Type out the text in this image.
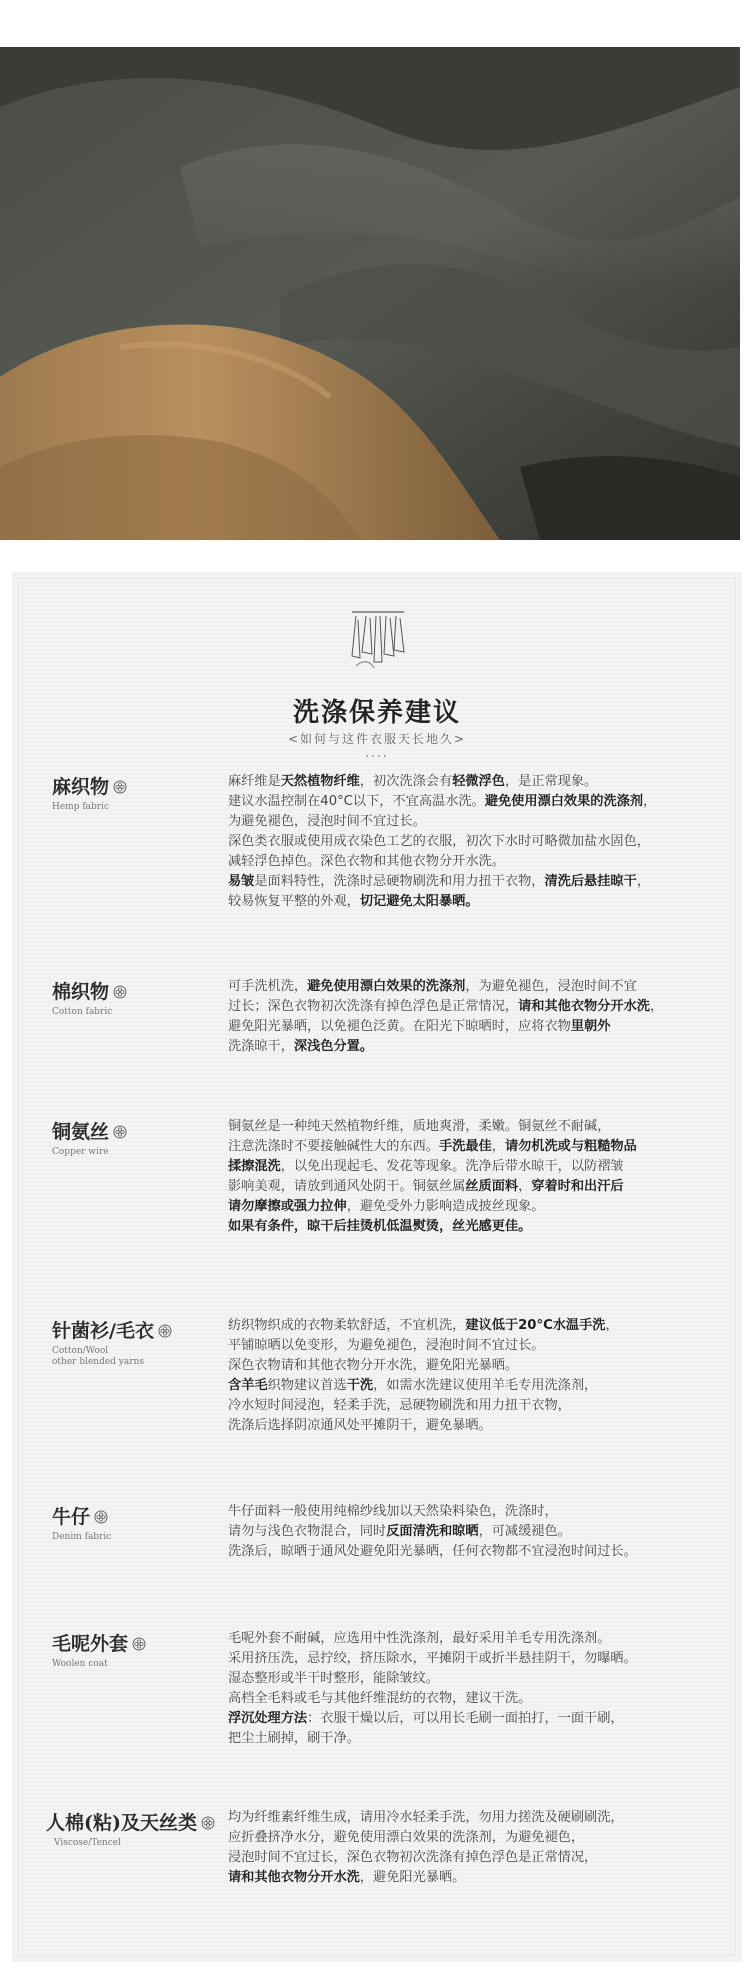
洗涤保养建议
<如何与这件衣服天长地久>
....
麻织物
Hemp fabric

麻纤维是天然植物纤维，初次洗涤会有轻微浮色，是正常现象。

建议水温控制在40°C以下，不宜高温水洗。避免使用漂白效果的洗涤剂，

为避免褪色，浸泡时间不宜过长。

深色类衣服或使用成衣染色工艺的衣服，初次下水时可略微加盐水固色，

减轻浮色掉色。深色衣物和其他衣物分开水洗。

易皱是面料特性，洗涤时忌硬物刷洗和用力扭干衣物，清洗后悬挂晾干，

较易恢复平整的外观，切记避免太阳暴晒。

棉织物
Cotton fabric

可手洗机洗，避免使用漂白效果的洗涤剂，为避免褪色，浸泡时间不宜

过长；深色衣物初次洗涤有掉色浮色是正常情况，请和其他衣物分开水洗，

避免阳光暴晒，以免褪色泛黄。在阳光下晾晒时，应将衣物里朝外

洗涤晾干，深浅色分置。

铜氨丝
Copper wire

铜氨丝是一种纯天然植物纤维，质地爽滑，柔嫩。铜氨丝不耐碱，

注意洗涤时不要接触碱性大的东西。手洗最佳，请勿机洗或与粗糙物品

揉擦混洗，以免出现起毛、发花等现象。洗净后带水晾干，以防褶皱

影响美观，请放到通风处阴干。铜氨丝属丝质面料，穿着时和出汗后

请勿摩擦或强力拉伸，避免受外力影响造成披丝现象。

如果有条件，晾干后挂烫机低温熨烫，丝光感更佳。

针菌衫/毛衣
Cotton/Wool
other blended yarns

纺织物织成的衣物柔软舒适，不宜机洗，建议低于20°C水温手洗，

平铺晾晒以免变形，为避免褪色，浸泡时间不宜过长。

深色衣物请和其他衣物分开水洗，避免阳光暴晒。

含羊毛织物建议首选干洗，如需水洗建议使用羊毛专用洗涤剂，

冷水短时间浸泡，轻柔手洗，忌硬物刷洗和用力扭干衣物，

洗涤后选择阴凉通风处平摊阴干，避免暴晒。

牛仔
Denim fabric

牛仔面料一般使用纯棉纱线加以天然染料染色，洗涤时，

请勿与浅色衣物混合，同时反面清洗和晾晒，可减缓褪色。

洗涤后，晾晒于通风处避免阳光暴晒，任何衣物都不宜浸泡时间过长。

毛呢外套
Woolen coat

毛呢外套不耐碱，应选用中性洗涤剂，最好采用羊毛专用洗涤剂。

采用挤压洗，忌拧绞，挤压除水，平摊阴干或折半悬挂阴干，勿曝晒。

湿态整形或半干时整形，能除皱纹。

高档全毛料或毛与其他纤维混纺的衣物，建议干洗。

浮沉处理方法：衣服干燥以后，可以用长毛刷一面拍打，一面干刷，

把尘土刷掉，刷干净。

人棉(粘)及天丝类
Viscose/Tencel

均为纤维素纤维生成，请用冷水轻柔手洗，勿用力搓洗及硬刷刷洗，

应折叠挤净水分，避免使用漂白效果的洗涤剂，为避免褪色，

浸泡时间不宜过长，深色衣物初次洗涤有掉色浮色是正常情况，

请和其他衣物分开水洗，避免阳光暴晒。
